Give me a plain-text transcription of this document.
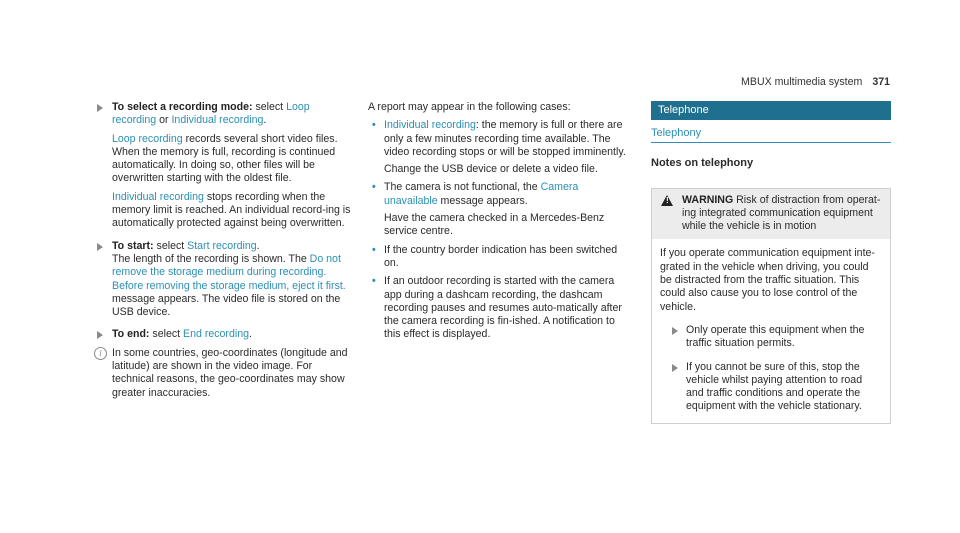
MBUX multimedia system 371

To select a recording mode: select Loop recording or Individual recording.

Loop recording records several short video files. When the memory is full, recording is continued automatically. In doing so, other files will be overwritten starting with the oldest file.

Individual recording stops recording when the memory limit is reached. An individual record-ing is automatically protected against being overwritten.

To start: select Start recording.
The length of the recording is shown. The Do not remove the storage medium during recording. Before removing the storage medium, eject it first. message appears. The video file is stored on the USB device.

To end: select End recording.

i In some countries, geo-coordinates (longitude and latitude) are shown in the video image. For technical reasons, the geo-coordinates may show greater inaccuracies.

A report may appear in the following cases:

• Individual recording: the memory is full or there are only a few minutes recording time available. The video recording stops or will be stopped imminently.
Change the USB device or delete a video file.
• The camera is not functional, the Camera unavailable message appears.
Have the camera checked in a Mercedes-Benz service centre.
• If the country border indication has been switched on.
• If an outdoor recording is started with the camera app during a dashcam recording, the dashcam recording pauses and resumes auto-matically after the camera recording is fin-ished. A notification to this effect is displayed.
Telephone
Telephony
Notes on telephony
! WARNING Risk of distraction from operat-ing integrated communication equipment while the vehicle is in motion
If you operate communication equipment inte-grated in the vehicle when driving, you could be distracted from the traffic situation. This could also cause you to lose control of the vehicle.
Only operate this equipment when the traffic situation permits.
If you cannot be sure of this, stop the vehicle whilst paying attention to road and traffic conditions and operate the equipment with the vehicle stationary.
